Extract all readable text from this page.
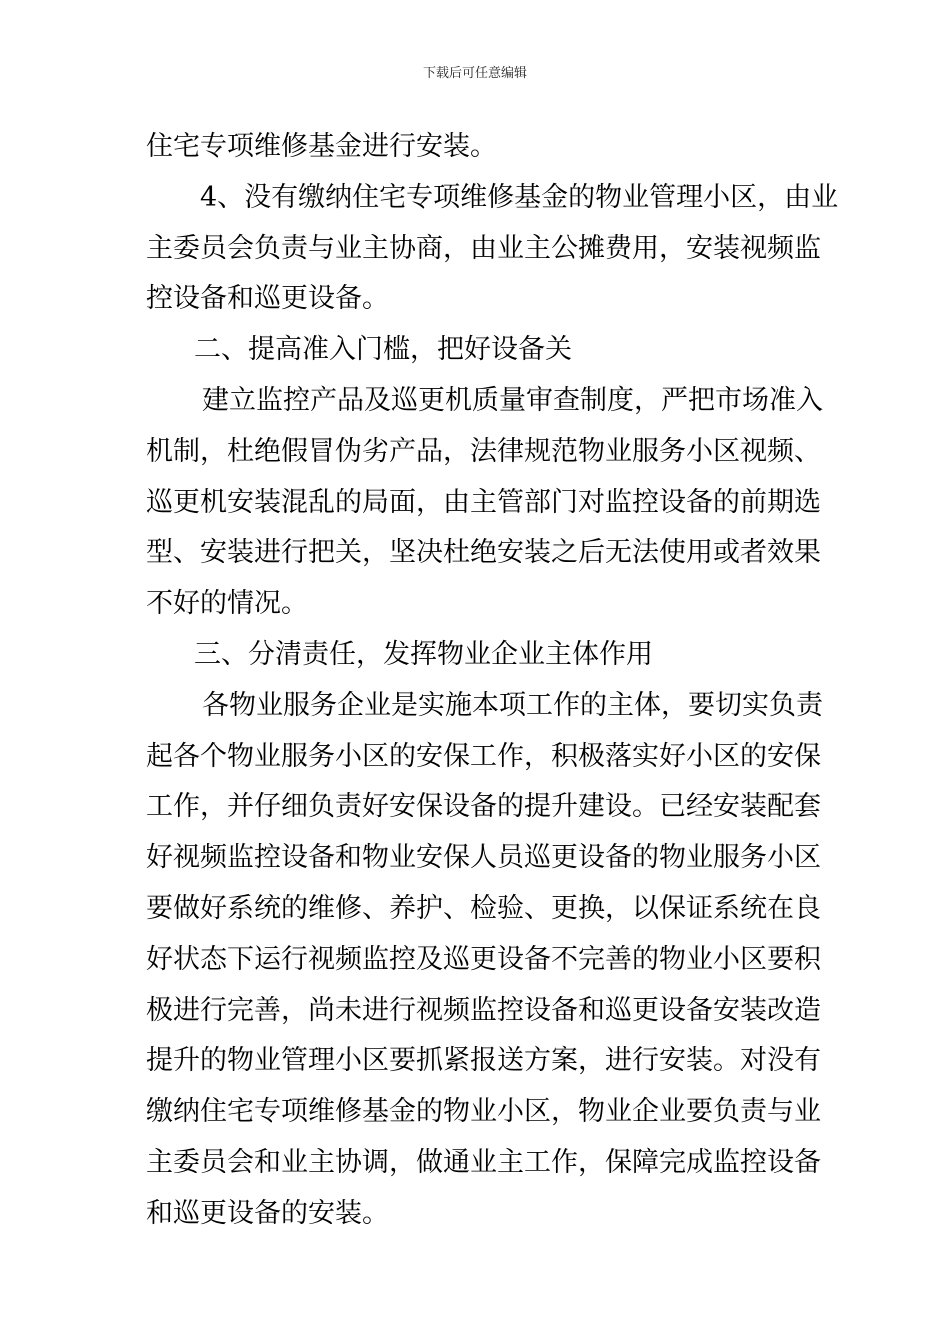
下载后可任意编辑
住宅专项维修基金进行安装。
4、没有缴纳住宅专项维修基金的物业管理小区，由业
主委员会负责与业主协商，由业主公摊费用，安装视频监
控设备和巡更设备。
二、提高准入门槛，把好设备关
建立监控产品及巡更机质量审查制度，严把市场准入
机制，杜绝假冒伪劣产品，法律规范物业服务小区视频、
巡更机安装混乱的局面，由主管部门对监控设备的前期选
型、安装进行把关，坚决杜绝安装之后无法使用或者效果
不好的情况。
三、分清责任，发挥物业企业主体作用
各物业服务企业是实施本项工作的主体，要切实负责
起各个物业服务小区的安保工作，积极落实好小区的安保
工作，并仔细负责好安保设备的提升建设。已经安装配套
好视频监控设备和物业安保人员巡更设备的物业服务小区
要做好系统的维修、养护、检验、更换，以保证系统在良
好状态下运行视频监控及巡更设备不完善的物业小区要积
极进行完善，尚未进行视频监控设备和巡更设备安装改造
提升的物业管理小区要抓紧报送方案，进行安装。对没有
缴纳住宅专项维修基金的物业小区，物业企业要负责与业
主委员会和业主协调，做通业主工作，保障完成监控设备
和巡更设备的安装。
